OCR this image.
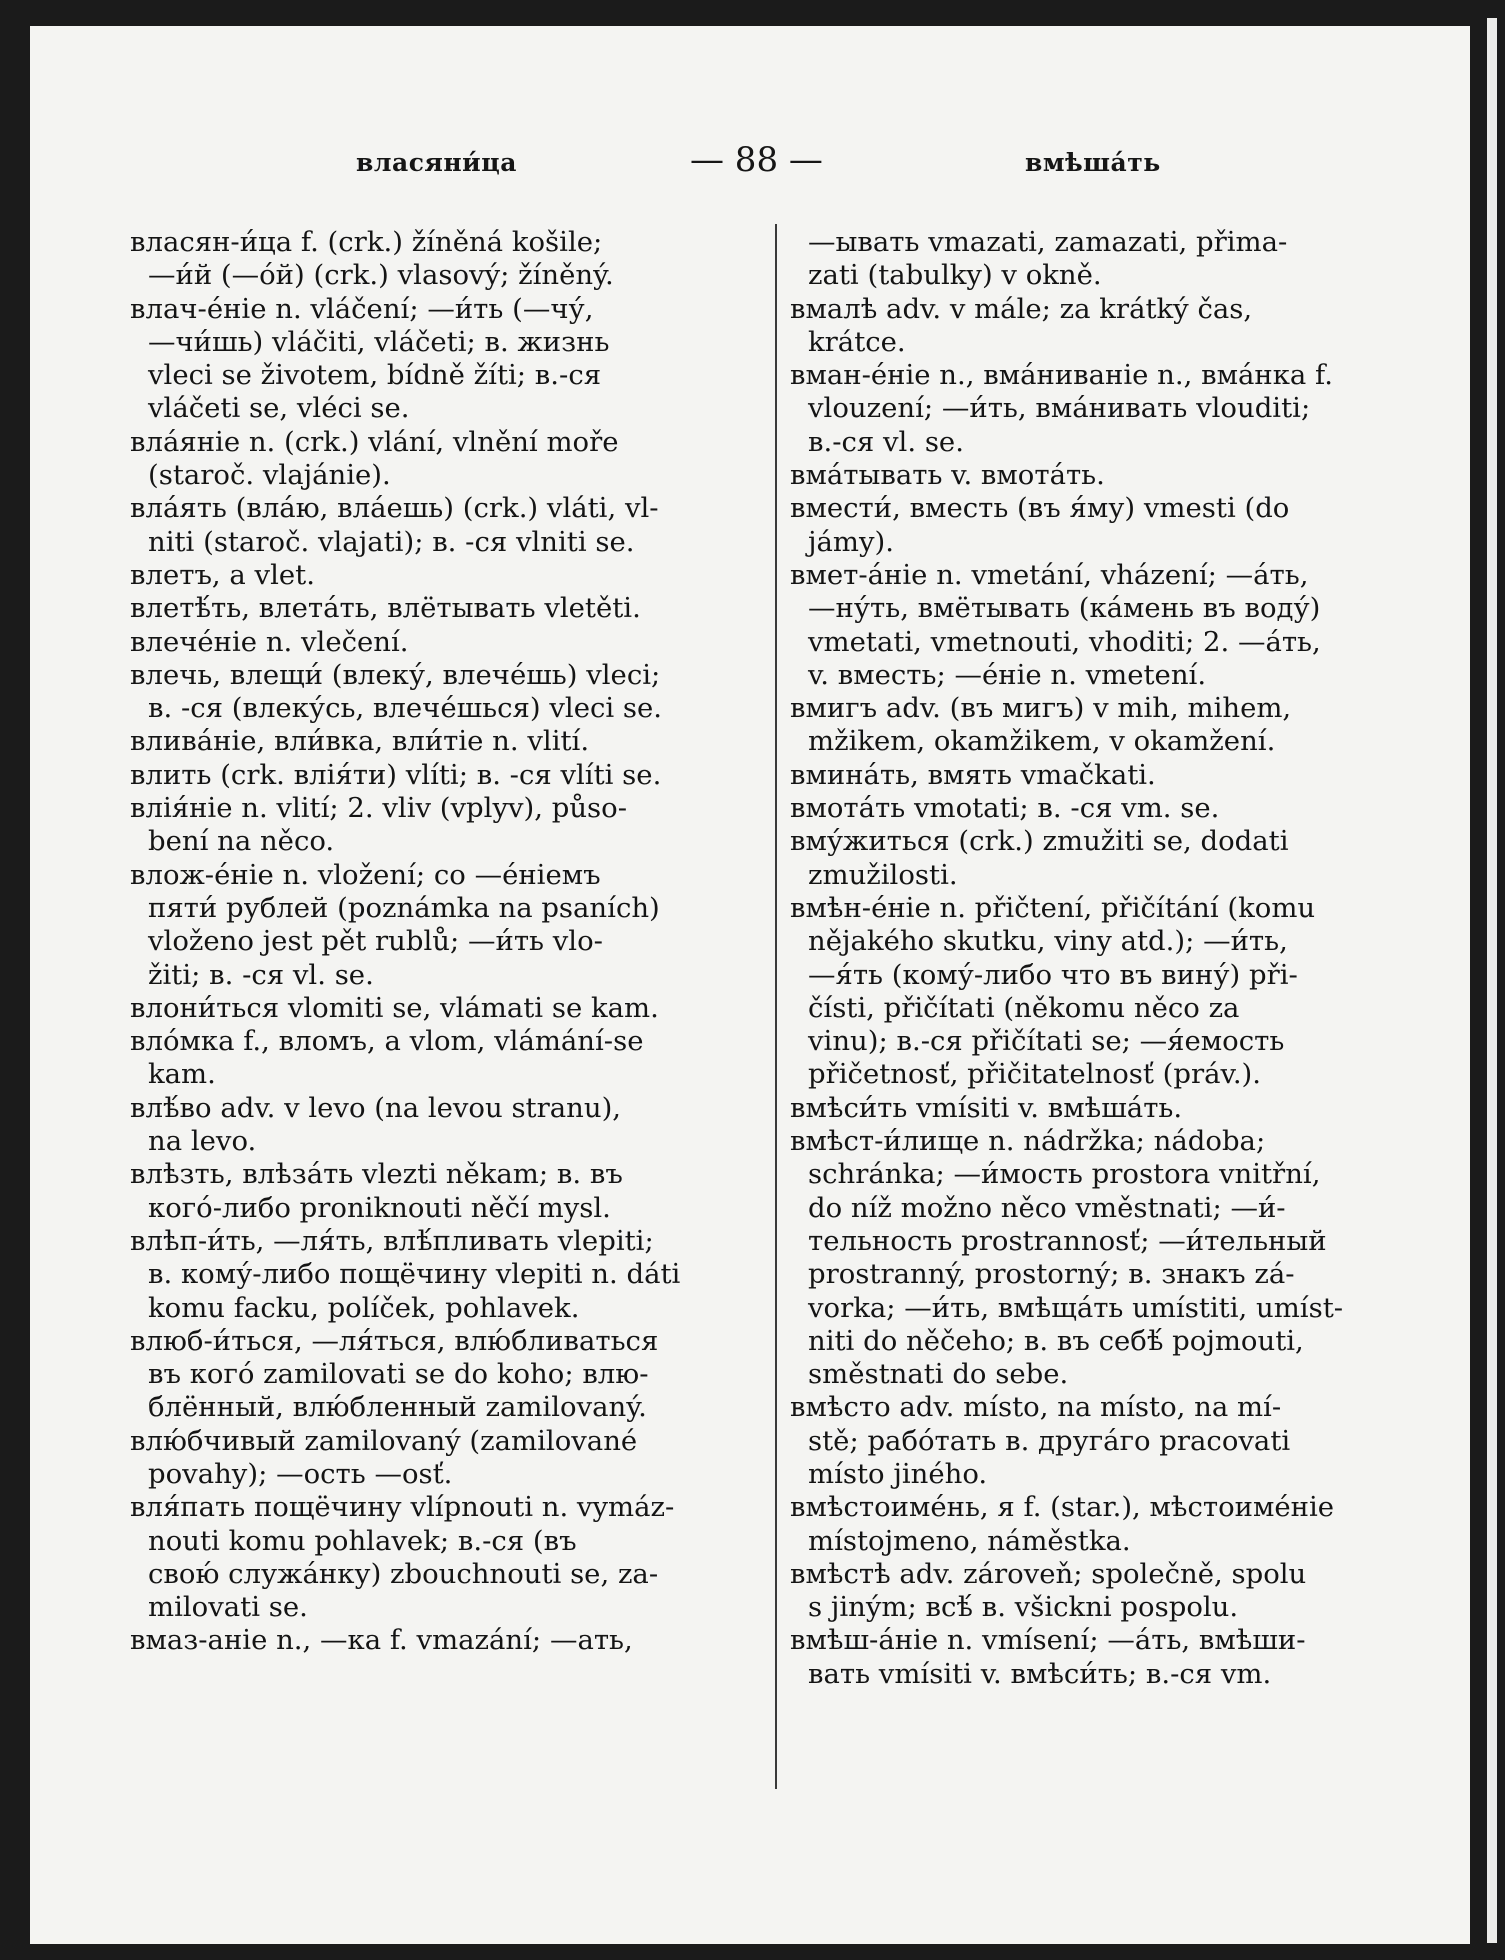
власяни́ца	— 88 —	вмѣша́ть
власян-и́ца f. (crk.) žíněná košile;
—и́й (—о́й) (crk.) vlasový; žíněný.
влач-е́ніе n. vláčení; —и́ть (—чу́,
—чи́шь) vláčiti, vláčeti; в. жизнь
vleci se životem, bídně žíti; в.-ся
vláčeti se, vléci se.
вла́яніе n. (crk.) vlání, vlnění moře
(staroč. vlajánie).
вла́ять (вла́ю, вла́ешь) (crk.) vláti, vl-
niti (staroč. vlajati); в. -ся vlniti se.
влетъ, а vlet.
влетѣ́ть, влета́ть, влётывать vletěti.
влече́ніе n. vlečení.
влечь, влещи́ (влеку́, влече́шь) vleci;
в. -ся (влеку́сь, влече́шься) vleci se.
влива́ніе, вли́вка, вли́тіе n. vlití.
влить (crk. влія́ти) vlíti; в. -ся vlíti se.
влія́ніе n. vlití; 2. vliv (vplyv), půso-
bení na něco.
влож-е́ніе n. vložení; со —е́ніемъ
пяти́ рублей (poznámka na psaních)
vloženo jest pět rublů; —и́ть vlo-
žiti; в. -ся vl. se.
влони́ться vlomiti se, vlámati se kam.
вло́мка f., вломъ, а vlom, vlámání-se
kam.
влѣ́во adv. v levo (na levou stranu),
na levo.
влѣзть, влѣза́ть vlezti někam; в. въ
кого́-либо proniknouti něčí mysl.
влѣп-и́ть, —ля́ть, влѣ́пливать vlepiti;
в. кому́-либо пощёчину vlepiti n. dáti
komu facku, políček, pohlavek.
влюб-и́ться, —ля́ться, влю́бливаться
въ кого́ zamilovati se do koho; влю-
блённый, влю́бленный zamilovaný.
влю́бчивый zamilovaný (zamilované
povahy); —ость —osť.
вля́пать пощёчину vlípnouti n. vymáz-
nouti komu pohlavek; в.-ся (въ
свою́ служа́нку) zbouchnouti se, za-
milovati se.
вмаз-аніе n., —ка f. vmazání; —ать,
—ывать vmazati, zamazati, přima-
zati (tabulky) v okně.
вмалѣ adv. v mále; za krátký čas,
krátce.
вман-е́ніе n., вма́ниваніе n., вма́нка f.
vlouzení; —и́ть, вма́нивать vlouditi;
в.-ся vl. se.
вма́тывать v. вмота́ть.
вмести́, вместь (въ я́му) vmesti (do
jámy).
вмет-а́ніе n. vmetání, vházení; —а́ть,
—ну́ть, вмётывать (ка́мень въ воду́)
vmetati, vmetnouti, vhoditi; 2. —а́ть,
v. вместь; —е́ніе n. vmetení.
вмигъ adv. (въ мигъ) v mih, mihem,
mžikem, okamžikem, v okamžení.
вмина́ть, вмять vmačkati.
вмота́ть vmotati; в. -ся vm. se.
вму́житься (crk.) zmužiti se, dodati
zmužilosti.
вмѣн-е́ніе n. přičtení, přičítání (komu
nějakého skutku, viny atd.); —и́ть,
—я́ть (кому́-либо что въ вину́) při-
čísti, přičítati (někomu něco za
vinu); в.-ся přičítati se; —я́емость
přičetnosť, přičitatelnosť (práv.).
вмѣси́ть vmísiti v. вмѣша́ть.
вмѣст-и́лище n. nádržka; nádoba;
schránka; —и́мость prostora vnitřní,
do níž možno něco vměstnati; —и́-
тельность prostrannosť; —и́тельный
prostranný, prostorný; в. знакъ zá-
vorka; —и́ть, вмѣща́ть umístiti, umíst-
niti do něčeho; в. въ себѣ́ pojmouti,
směstnati do sebe.
вмѣсто adv. místo, na místo, na mí-
stě; рабо́тать в. друга́го pracovati
místo jiného.
вмѣстоиме́нь, я f. (star.), мѣстоиме́ніе
místojmeno, náměstka.
вмѣстѣ adv. zároveň; společně, spolu
s jiným; всѣ́ в. všickni pospolu.
вмѣш-а́ніе n. vmísení; —а́ть, вмѣши-
вать vmísiti v. вмѣси́ть; в.-ся vm.
